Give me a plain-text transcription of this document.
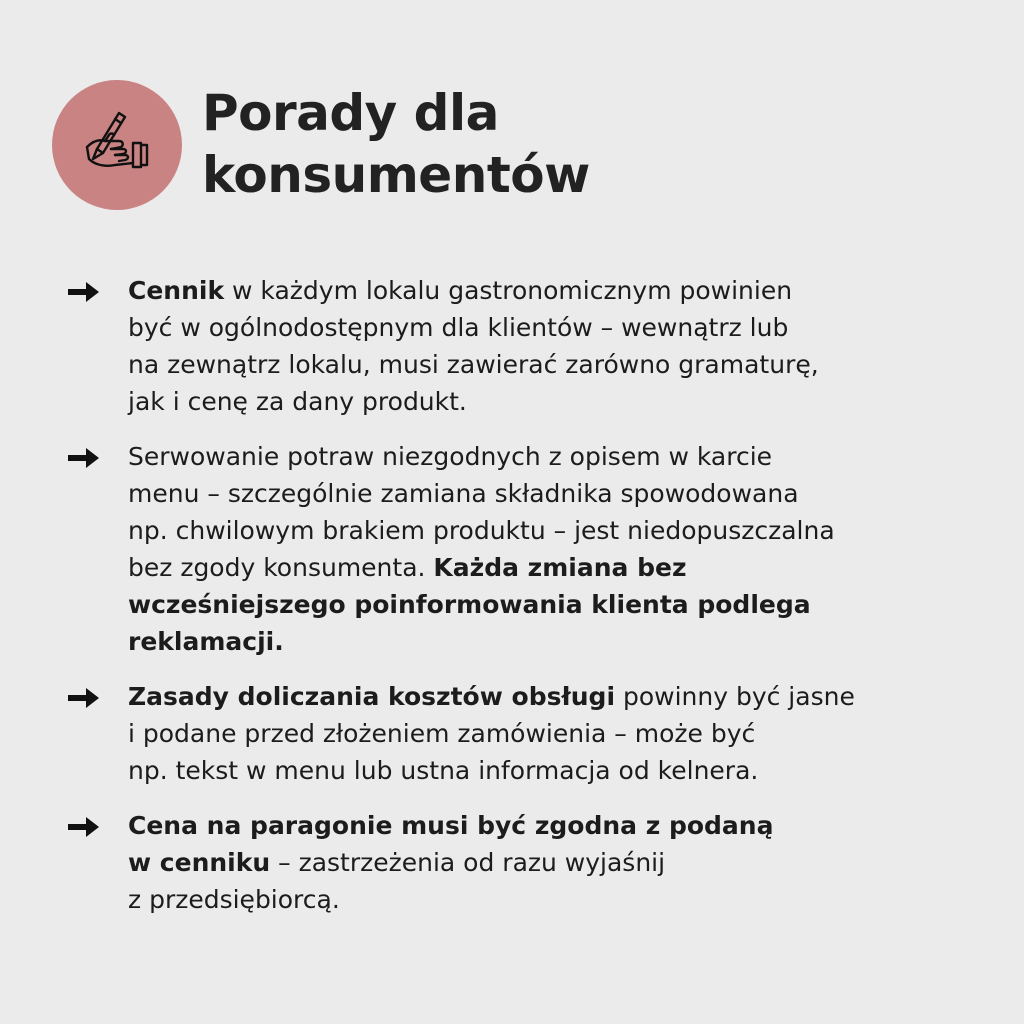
Porady dla
konsumentów
Cennik w każdym lokalu gastronomicznym powinien
być w ogólnodostępnym dla klientów – wewnątrz lub
na zewnątrz lokalu, musi zawierać zarówno gramaturę,
jak i cenę za dany produkt.
Serwowanie potraw niezgodnych z opisem w karcie
menu – szczególnie zamiana składnika spowodowana
np. chwilowym brakiem produktu – jest niedopuszczalna
bez zgody konsumenta. Każda zmiana bez
wcześniejszego poinformowania klienta podlega
reklamacji.
Zasady doliczania kosztów obsługi powinny być jasne
i podane przed złożeniem zamówienia – może być
np. tekst w menu lub ustna informacja od kelnera.
Cena na paragonie musi być zgodna z podaną
w cenniku – zastrzeżenia od razu wyjaśnij
z przedsiębiorcą.
